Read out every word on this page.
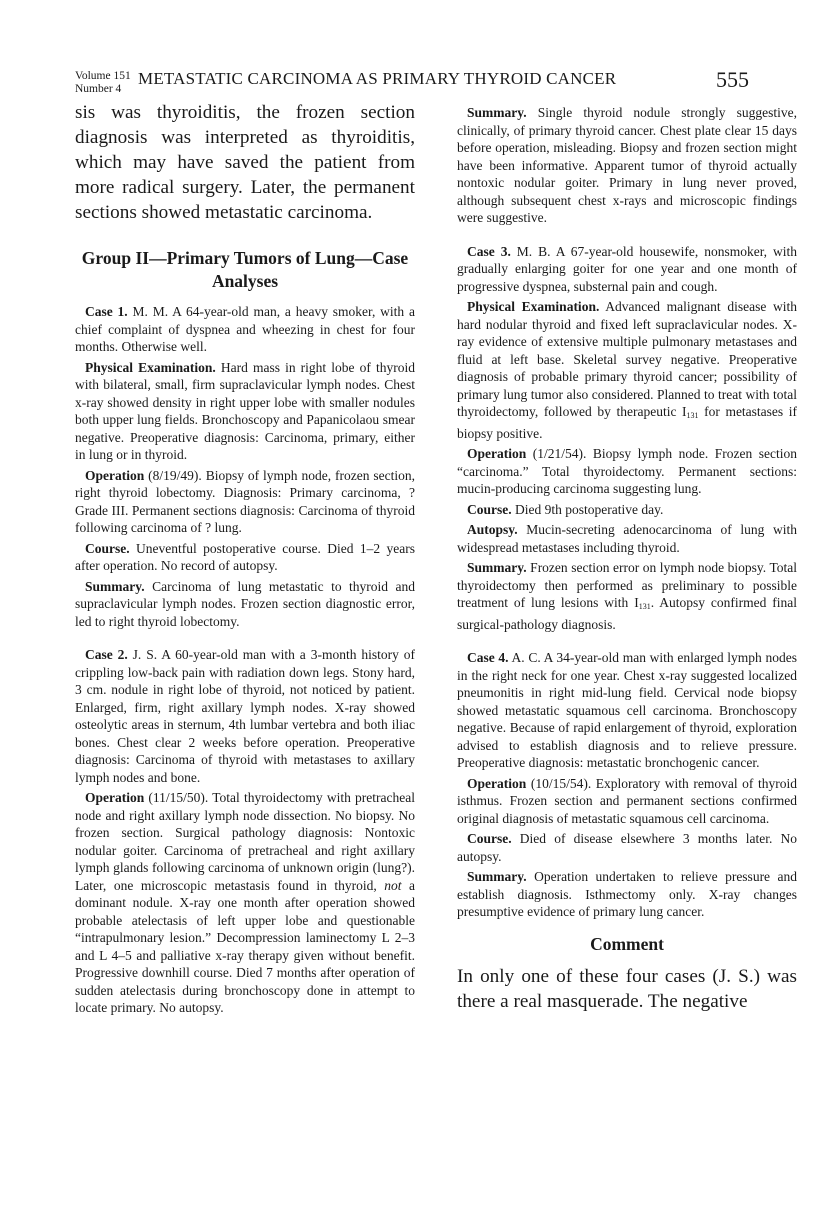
Volume 151
Number 4
METASTATIC CARCINOMA AS PRIMARY THYROID CANCER	555

sis was thyroiditis, the frozen section diagnosis was interpreted as thyroiditis, which may have saved the patient from more radical surgery. Later, the permanent sections showed metastatic carcinoma.

Group II—Primary Tumors of Lung—Case Analyses

Case 1. M. M. A 64-year-old man, a heavy smoker, with a chief complaint of dyspnea and wheezing in chest for four months. Otherwise well.

Physical Examination. Hard mass in right lobe of thyroid with bilateral, small, firm supraclavicular lymph nodes. Chest x-ray showed density in right upper lobe with smaller nodules both upper lung fields. Bronchoscopy and Papanicolaou smear negative. Preoperative diagnosis: Carcinoma, primary, either in lung or in thyroid.

Operation (8/19/49). Biopsy of lymph node, frozen section, right thyroid lobectomy. Diagnosis: Primary carcinoma, ? Grade III. Permanent sections diagnosis: Carcinoma of thyroid following carcinoma of ? lung.

Course. Uneventful postoperative course. Died 1–2 years after operation. No record of autopsy.

Summary. Carcinoma of lung metastatic to thyroid and supraclavicular lymph nodes. Frozen section diagnostic error, led to right thyroid lobectomy.

Case 2. J. S. A 60-year-old man with a 3-month history of crippling low-back pain with radiation down legs. Stony hard, 3 cm. nodule in right lobe of thyroid, not noticed by patient. Enlarged, firm, right axillary lymph nodes. X-ray showed osteolytic areas in sternum, 4th lumbar vertebra and both iliac bones. Chest clear 2 weeks before operation. Preoperative diagnosis: Carcinoma of thyroid with metastases to axillary lymph nodes and bone.

Operation (11/15/50). Total thyroidectomy with pretracheal node and right axillary lymph node dissection. No biopsy. No frozen section. Surgical pathology diagnosis: Nontoxic nodular goiter. Carcinoma of pretracheal and right axillary lymph glands following carcinoma of unknown origin (lung?). Later, one microscopic metastasis found in thyroid, not a dominant nodule. X-ray one month after operation showed probable atelectasis of left upper lobe and questionable “intrapulmonary lesion.” Decompression laminectomy L 2–3 and L 4–5 and palliative x-ray therapy given without benefit. Progressive downhill course. Died 7 months after operation of sudden atelectasis during bronchoscopy done in attempt to locate primary. No autopsy.

Summary. Single thyroid nodule strongly suggestive, clinically, of primary thyroid cancer. Chest plate clear 15 days before operation, misleading. Biopsy and frozen section might have been informative. Apparent tumor of thyroid actually nontoxic nodular goiter. Primary in lung never proved, although subsequent chest x-rays and microscopic findings were suggestive.

Case 3. M. B. A 67-year-old housewife, nonsmoker, with gradually enlarging goiter for one year and one month of progressive dyspnea, substernal pain and cough.

Physical Examination. Advanced malignant disease with hard nodular thyroid and fixed left supraclavicular nodes. X-ray evidence of extensive multiple pulmonary metastases and fluid at left base. Skeletal survey negative. Preoperative diagnosis of probable primary thyroid cancer; possibility of primary lung tumor also considered. Planned to treat with total thyroidectomy, followed by therapeutic $I_{131}$ for metastases if biopsy positive.

Operation (1/21/54). Biopsy lymph node. Frozen section “carcinoma.” Total thyroidectomy. Permanent sections: mucin-producing carcinoma suggesting lung.

Course. Died 9th postoperative day.

Autopsy. Mucin-secreting adenocarcinoma of lung with widespread metastases including thyroid.

Summary. Frozen section error on lymph node biopsy. Total thyroidectomy then performed as preliminary to possible treatment of lung lesions with $I_{131}$. Autopsy confirmed final surgical-pathology diagnosis.

Case 4. A. C. A 34-year-old man with enlarged lymph nodes in the right neck for one year. Chest x-ray suggested localized pneumonitis in right mid-lung field. Cervical node biopsy showed metastatic squamous cell carcinoma. Bronchoscopy negative. Because of rapid enlargement of thyroid, exploration advised to establish diagnosis and to relieve pressure. Preoperative diagnosis: metastatic bronchogenic cancer.

Operation (10/15/54). Exploratory with removal of thyroid isthmus. Frozen section and permanent sections confirmed original diagnosis of metastatic squamous cell carcinoma.

Course. Died of disease elsewhere 3 months later. No autopsy.

Summary. Operation undertaken to relieve pressure and establish diagnosis. Isthmectomy only. X-ray changes presumptive evidence of primary lung cancer.

Comment

In only one of these four cases (J. S.) was there a real masquerade. The negative
